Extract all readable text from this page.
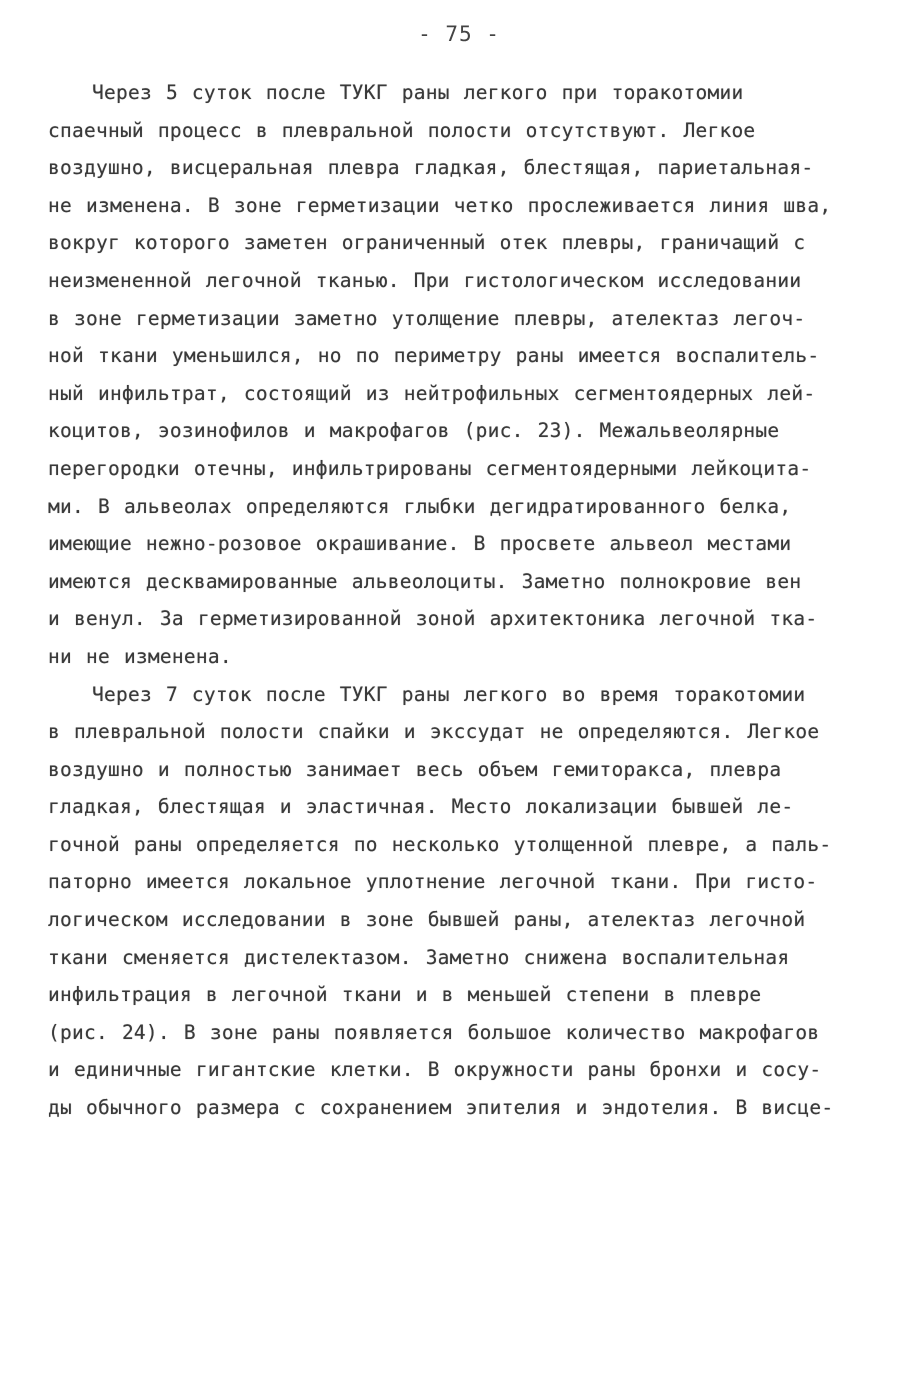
- 75 -
Через 5 суток после ТУКГ раны легкого при торакотомии
спаечный процесс в плевральной полости отсутствуют. Легкое
воздушно, висцеральная плевра гладкая, блестящая, париетальная-
не изменена. В зоне герметизации четко прослеживается линия шва,
вокруг которого заметен ограниченный отек плевры, граничащий с
неизмененной легочной тканью. При гистологическом исследовании
в зоне герметизации заметно утолщение плевры, ателектаз легоч-
ной ткани уменьшился, но по периметру раны имеется воспалитель-
ный инфильтрат, состоящий из нейтрофильных сегментоядерных лей-
коцитов, эозинофилов и макрофагов (рис. 23). Межальвеолярные
перегородки отечны, инфильтрированы сегментоядерными лейкоцита-
ми. В альвеолах определяются глыбки дегидратированного белка,
имеющие нежно-розовое окрашивание. В просвете альвеол местами
имеются десквамированные альвеолоциты. Заметно полнокровие вен
и венул. За герметизированной зоной архитектоника легочной тка-
ни не изменена.
Через 7 суток после ТУКГ раны легкого во время торакотомии
в плевральной полости спайки и экссудат не определяются. Легкое
воздушно и полностью занимает весь объем гемиторакса, плевра
гладкая, блестящая и эластичная. Место локализации бывшей ле-
гочной раны определяется по несколько утолщенной плевре, а паль-
паторно имеется локальное уплотнение легочной ткани. При гисто-
логическом исследовании в зоне бывшей раны, ателектаз легочной
ткани сменяется дистелектазом. Заметно снижена воспалительная
инфильтрация в легочной ткани и в меньшей степени в плевре
(рис. 24). В зоне раны появляется большое количество макрофагов
и единичные гигантские клетки. В окружности раны бронхи и сосу-
ды обычного размера с сохранением эпителия и эндотелия. В висце-
